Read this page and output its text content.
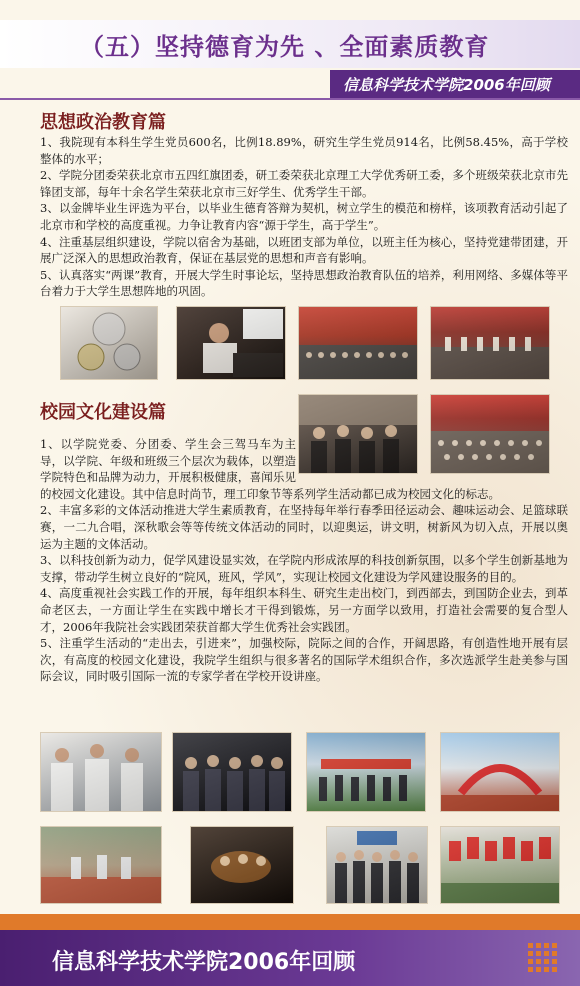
（五）坚持德育为先 、全面素质教育
信息科学技术学院2006年回顾
思想政治教育篇

1、我院现有本科生学生党员600名，比例18.89%，研究生学生党员914名，比例58.45%，高于学校整体的水平；

2、学院分团委荣获北京市五四红旗团委，研工委荣获北京理工大学优秀研工委，多个班级荣获北京市先锋团支部，每年十余名学生荣获北京市三好学生、优秀学生干部。

3、以金牌毕业生评选为平台，以毕业生德育答辩为契机，树立学生的模范和榜样，该项教育活动引起了北京市和学校的高度重视。力争让教育内容“源于学生，高于学生”。

4、注重基层组织建设，学院以宿舍为基础，以班团支部为单位，以班主任为核心，坚持党建带团建，开展广泛深入的思想政治教育，保证在基层党的思想和声音有影响。

5、认真落实“两课”教育，开展大学生时事论坛，坚持思想政治教育队伍的培养，利用网络、多媒体等平台着力于大学生思想阵地的巩固。

校园文化建设篇

1、以学院党委、分团委、学生会三驾马车为主导，以学院、年级和班级三个层次为载体，以塑造学院特色和品牌为动力，开展积极健康，喜闻乐见的校园文化建设。其中信息时尚节，理工印象节等系列学生活动都已成为校园文化的标志。

2、丰富多彩的文体活动推进大学生素质教育，在坚持每年举行春季田径运动会、趣味运动会、足篮球联赛，一二九合唱，深秋歌会等等传统文体活动的同时，以迎奥运，讲文明，树新风为切入点，开展以奥运为主题的文体活动。

3、以科技创新为动力，促学风建设显实效，在学院内形成浓厚的科技创新氛围，以多个学生创新基地为支撑，带动学生树立良好的“院风，班风，学风”，实现让校园文化建设为学风建设服务的目的。

4、高度重视社会实践工作的开展，每年组织本科生、研究生走出校门，到西部去，到国防企业去，到革命老区去，一方面让学生在实践中增长才干得到锻炼，另一方面学以致用，打造社会需要的复合型人才，2006年我院社会实践团荣获首都大学生优秀社会实践团。

5、注重学生活动的“走出去，引进来”，加强校际，院际之间的合作，开阔思路，有创造性地开展有层次，有高度的校园文化建设，我院学生组织与很多著名的国际学术组织合作，多次选派学生赴美参与国际会议，同时吸引国际一流的专家学者在学校开设讲座。

信息科学技术学院2006年回顾
